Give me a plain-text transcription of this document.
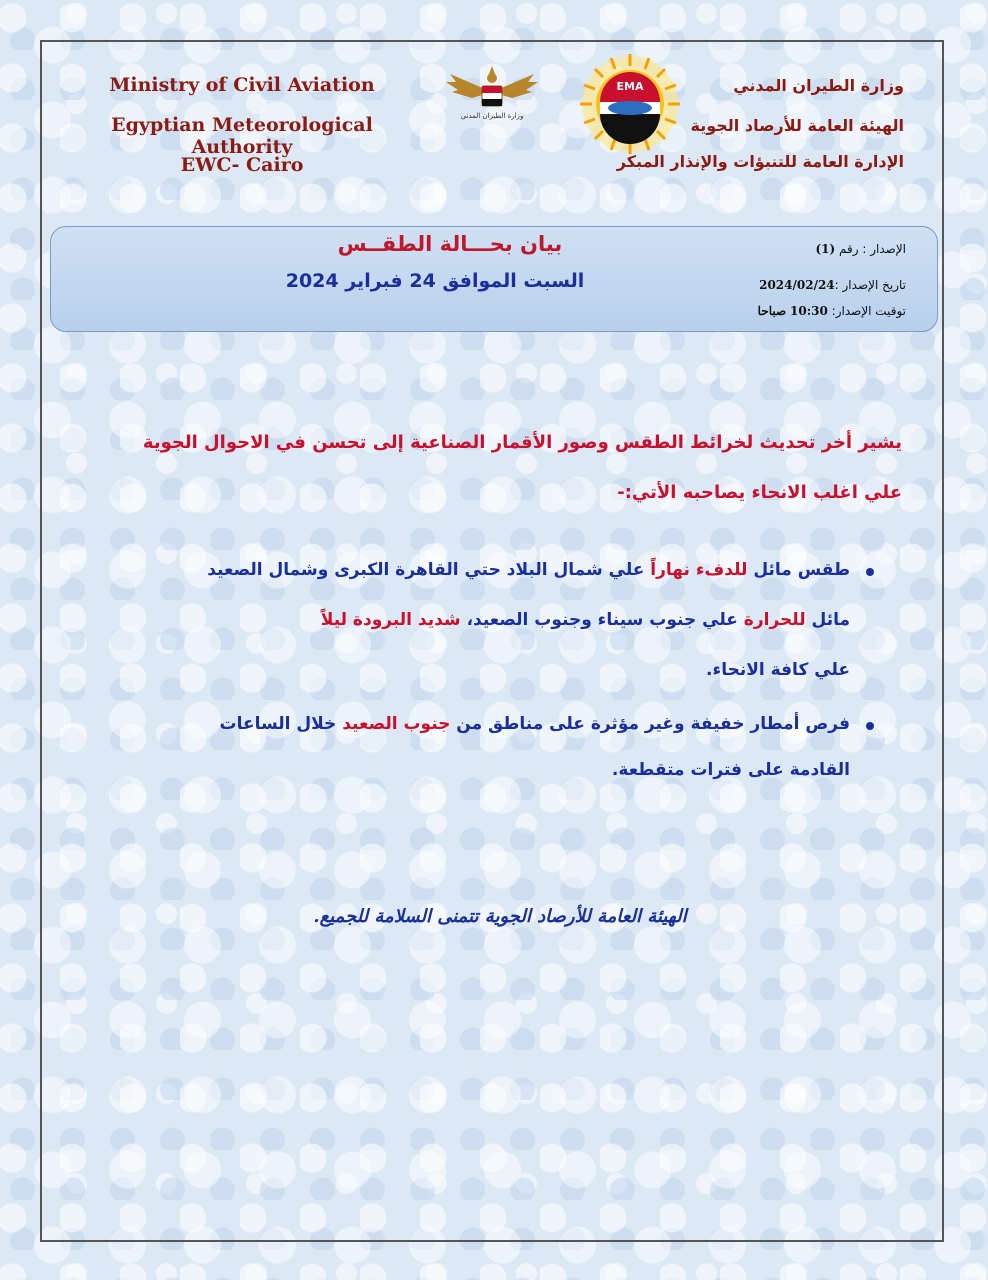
Ministry of Civil Aviation
Egyptian Meteorological Authority
EWC- Cairo
وزارة الطيران المدني
EMA	وزارة الطيران المدني
الهيئة العامة للأرصاد الجوية
الإدارة العامة للتنبؤات والإنذار المبكر
بيان بحـــالة الطقــس
السبت الموافق 24 فبراير 2024
الإصدار : رقم (1)
تاريخ الإصدار :2024/02/24
توقيت الإصدار: 10:30 صباحا
يشير أخر تحديث لخرائط الطقس وصور الأقمار الصناعية إلى تحسن في الاحوال الجوية
علي اغلب الانحاء يصاحبه الأتي:-
طقس مائل للدفء نهاراً علي شمال البلاد حتي القاهرة الكبرى وشمال الصعيد
مائل للحرارة علي جنوب سيناء وجنوب الصعيد، شديد البرودة ليلاً
علي كافة الانحاء.
فرص أمطار خفيفة وغير مؤثرة على مناطق من جنوب الصعيد خلال الساعات
القادمة على فترات متقطعة.
الهيئة العامة للأرصاد الجوية تتمنى السلامة للجميع.
